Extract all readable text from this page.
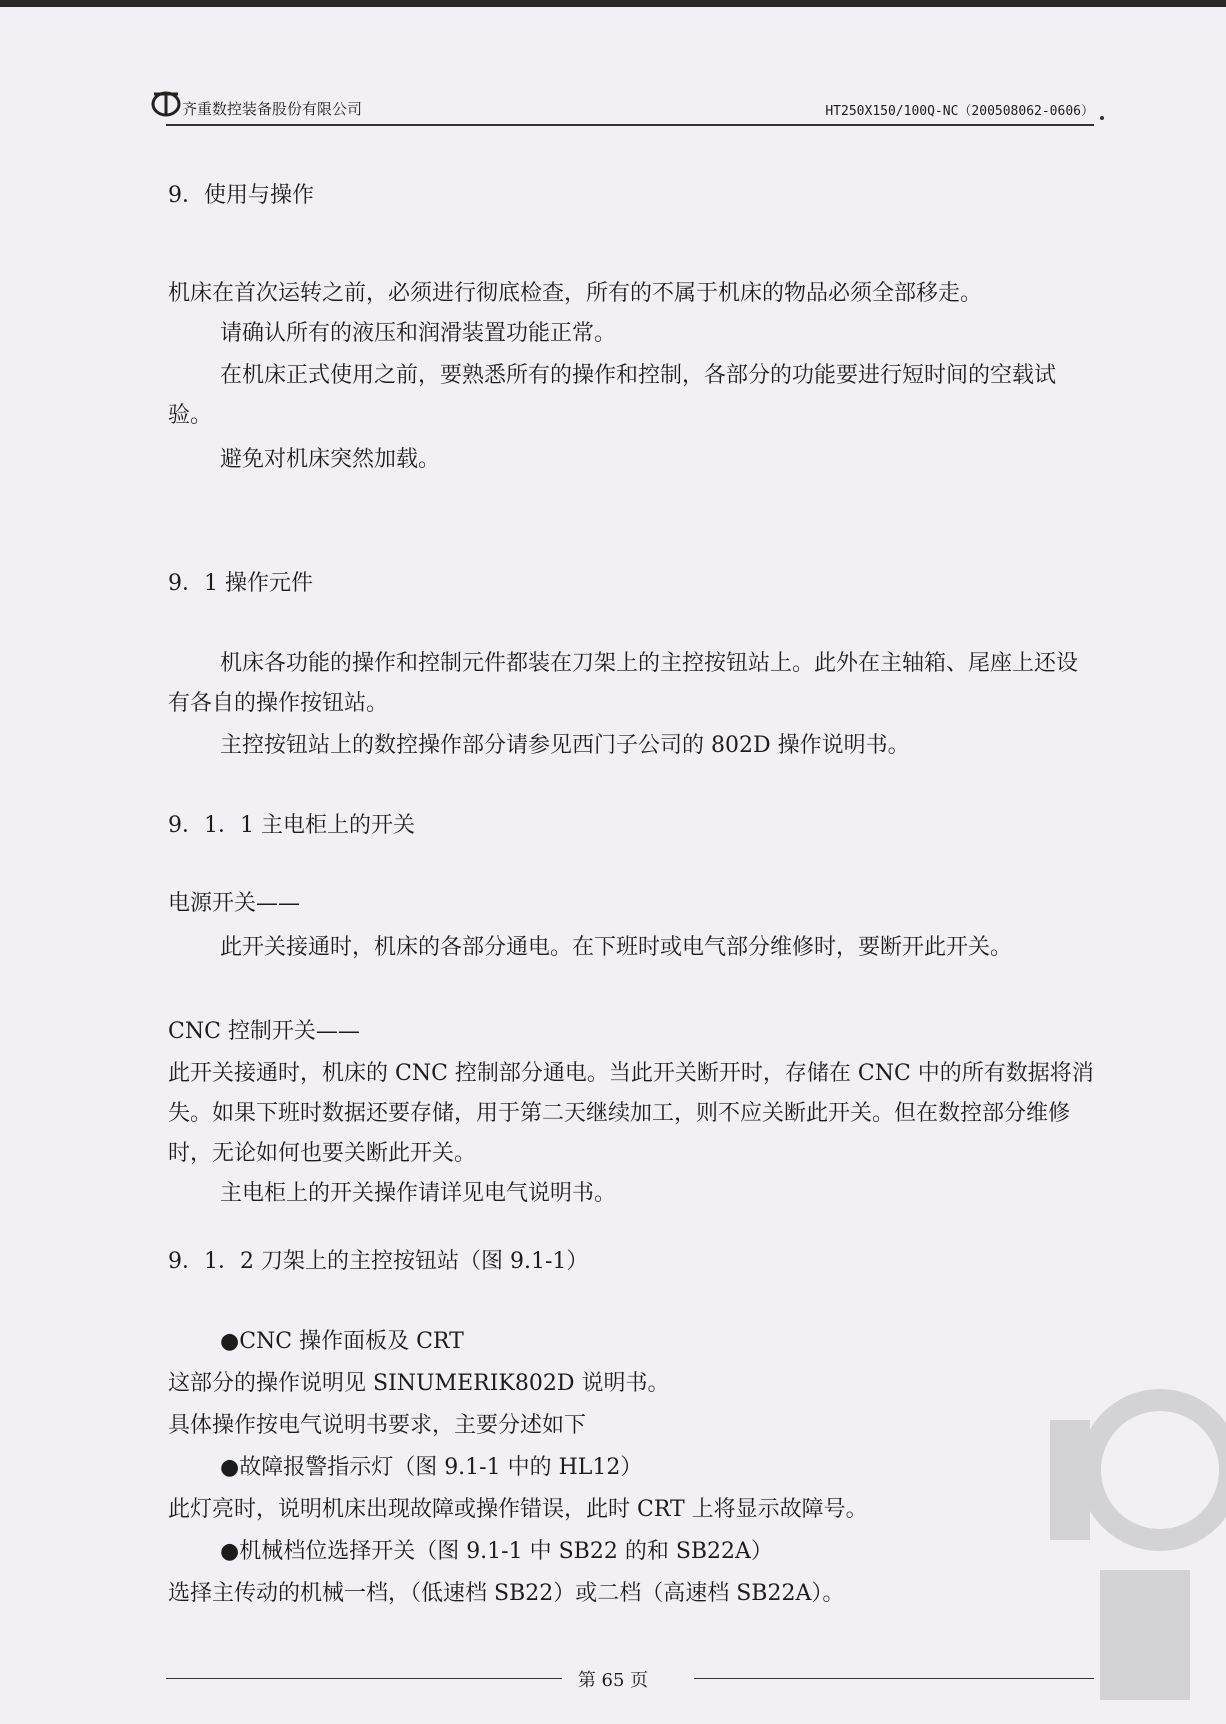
齐重数控装备股份有限公司	HT250X150/100Q-NC（200508062-0606）

9．使用与操作

机床在首次运转之前，必须进行彻底检查，所有的不属于机床的物品必须全部移走。

请确认所有的液压和润滑装置功能正常。

在机床正式使用之前，要熟悉所有的操作和控制，各部分的功能要进行短时间的空载试验。

避免对机床突然加载。

9．1 操作元件

机床各功能的操作和控制元件都装在刀架上的主控按钮站上。此外在主轴箱、尾座上还设有各自的操作按钮站。

主控按钮站上的数控操作部分请参见西门子公司的 802D 操作说明书。

9．1．1 主电柜上的开关

电源开关——

此开关接通时，机床的各部分通电。在下班时或电气部分维修时，要断开此开关。

CNC 控制开关——

此开关接通时，机床的 CNC 控制部分通电。当此开关断开时，存储在 CNC 中的所有数据将消失。如果下班时数据还要存储，用于第二天继续加工，则不应关断此开关。但在数控部分维修时，无论如何也要关断此开关。

主电柜上的开关操作请详见电气说明书。

9．1．2 刀架上的主控按钮站（图 9.1-1）

●CNC 操作面板及 CRT

这部分的操作说明见 SINUMERIK802D 说明书。

具体操作按电气说明书要求，主要分述如下

●故障报警指示灯（图 9.1-1 中的 HL12）

此灯亮时，说明机床出现故障或操作错误，此时 CRT 上将显示故障号。

●机械档位选择开关（图 9.1-1 中 SB22 的和 SB22A）

选择主传动的机械一档，（低速档 SB22）或二档（高速档 SB22A）。

第 65 页
